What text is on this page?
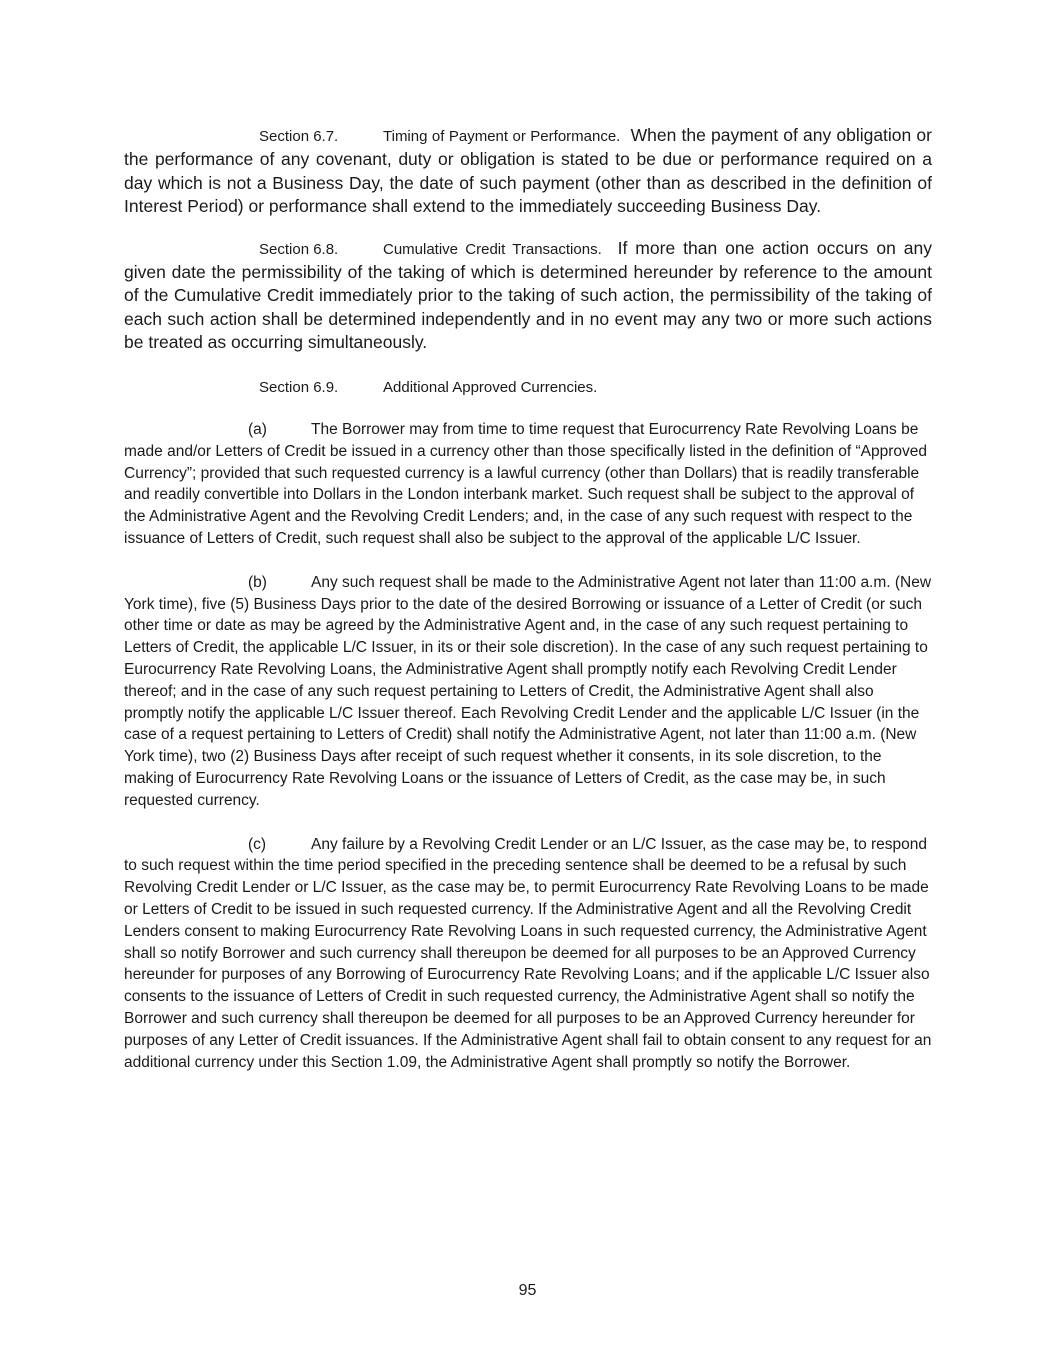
Section 6.7.	Timing of Payment or Performance. When the payment of any obligation or the performance of any covenant, duty or obligation is stated to be due or performance required on a day which is not a Business Day, the date of such payment (other than as described in the definition of Interest Period) or performance shall extend to the immediately succeeding Business Day.
Section 6.8.	Cumulative Credit Transactions. If more than one action occurs on any given date the permissibility of the taking of which is determined hereunder by reference to the amount of the Cumulative Credit immediately prior to the taking of such action, the permissibility of the taking of each such action shall be determined independently and in no event may any two or more such actions be treated as occurring simultaneously.
Section 6.9.	Additional Approved Currencies.
(a)	The Borrower may from time to time request that Eurocurrency Rate Revolving Loans be made and/or Letters of Credit be issued in a currency other than those specifically listed in the definition of “Approved Currency”; provided that such requested currency is a lawful currency (other than Dollars) that is readily transferable and readily convertible into Dollars in the London interbank market. Such request shall be subject to the approval of the Administrative Agent and the Revolving Credit Lenders; and, in the case of any such request with respect to the issuance of Letters of Credit, such request shall also be subject to the approval of the applicable L/C Issuer.
(b)	Any such request shall be made to the Administrative Agent not later than 11:00 a.m. (New York time), five (5) Business Days prior to the date of the desired Borrowing or issuance of a Letter of Credit (or such other time or date as may be agreed by the Administrative Agent and, in the case of any such request pertaining to Letters of Credit, the applicable L/C Issuer, in its or their sole discretion). In the case of any such request pertaining to Eurocurrency Rate Revolving Loans, the Administrative Agent shall promptly notify each Revolving Credit Lender thereof; and in the case of any such request pertaining to Letters of Credit, the Administrative Agent shall also promptly notify the applicable L/C Issuer thereof. Each Revolving Credit Lender and the applicable L/C Issuer (in the case of a request pertaining to Letters of Credit) shall notify the Administrative Agent, not later than 11:00 a.m. (New York time), two (2) Business Days after receipt of such request whether it consents, in its sole discretion, to the making of Eurocurrency Rate Revolving Loans or the issuance of Letters of Credit, as the case may be, in such requested currency.
(c)	Any failure by a Revolving Credit Lender or an L/C Issuer, as the case may be, to respond to such request within the time period specified in the preceding sentence shall be deemed to be a refusal by such Revolving Credit Lender or L/C Issuer, as the case may be, to permit Eurocurrency Rate Revolving Loans to be made or Letters of Credit to be issued in such requested currency. If the Administrative Agent and all the Revolving Credit Lenders consent to making Eurocurrency Rate Revolving Loans in such requested currency, the Administrative Agent shall so notify Borrower and such currency shall thereupon be deemed for all purposes to be an Approved Currency hereunder for purposes of any Borrowing of Eurocurrency Rate Revolving Loans; and if the applicable L/C Issuer also consents to the issuance of Letters of Credit in such requested currency, the Administrative Agent shall so notify the Borrower and such currency shall thereupon be deemed for all purposes to be an Approved Currency hereunder for purposes of any Letter of Credit issuances. If the Administrative Agent shall fail to obtain consent to any request for an additional currency under this Section 1.09, the Administrative Agent shall promptly so notify the Borrower.
95
